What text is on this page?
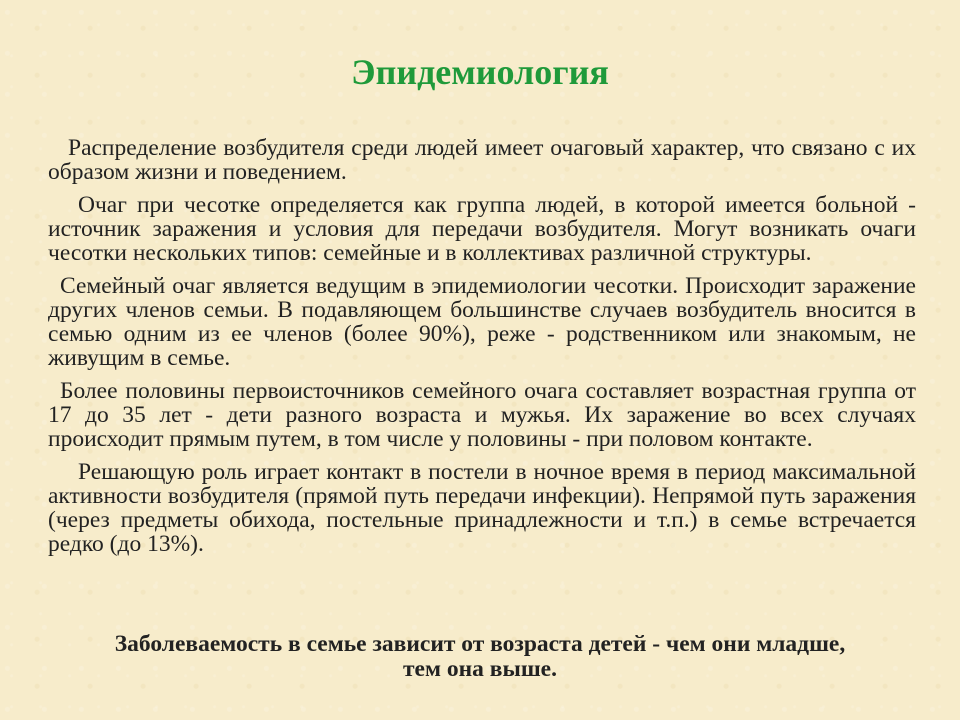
Эпидемиология

Распределение возбудителя среди людей имеет очаговый характер, что связано с их образом жизни и поведением.

Очаг при чесотке определяется как группа людей, в которой имеется больной - источник заражения и условия для передачи возбудителя. Могут возникать очаги чесотки нескольких типов: семейные и в коллективах различной структуры.

Семейный очаг является ведущим в эпидемиологии чесотки. Происходит заражение других членов семьи. В подавляющем большинстве случаев возбудитель вносится в семью одним из ее членов (более 90%), реже - родственником или знакомым, не живущим в семье.

Более половины первоисточников семейного очага составляет возрастная группа от 17 до 35 лет - дети разного возраста и мужья. Их заражение во всех случаях происходит прямым путем, в том числе у половины - при половом контакте.

Решающую роль играет контакт в постели в ночное время в период максимальной активности возбудителя (прямой путь передачи инфекции). Непрямой путь заражения (через предметы обихода, постельные принадлежности и т.п.) в семье встречается редко (до 13%).

Заболеваемость в семье зависит от возраста детей - чем они младше,
тем она выше.
